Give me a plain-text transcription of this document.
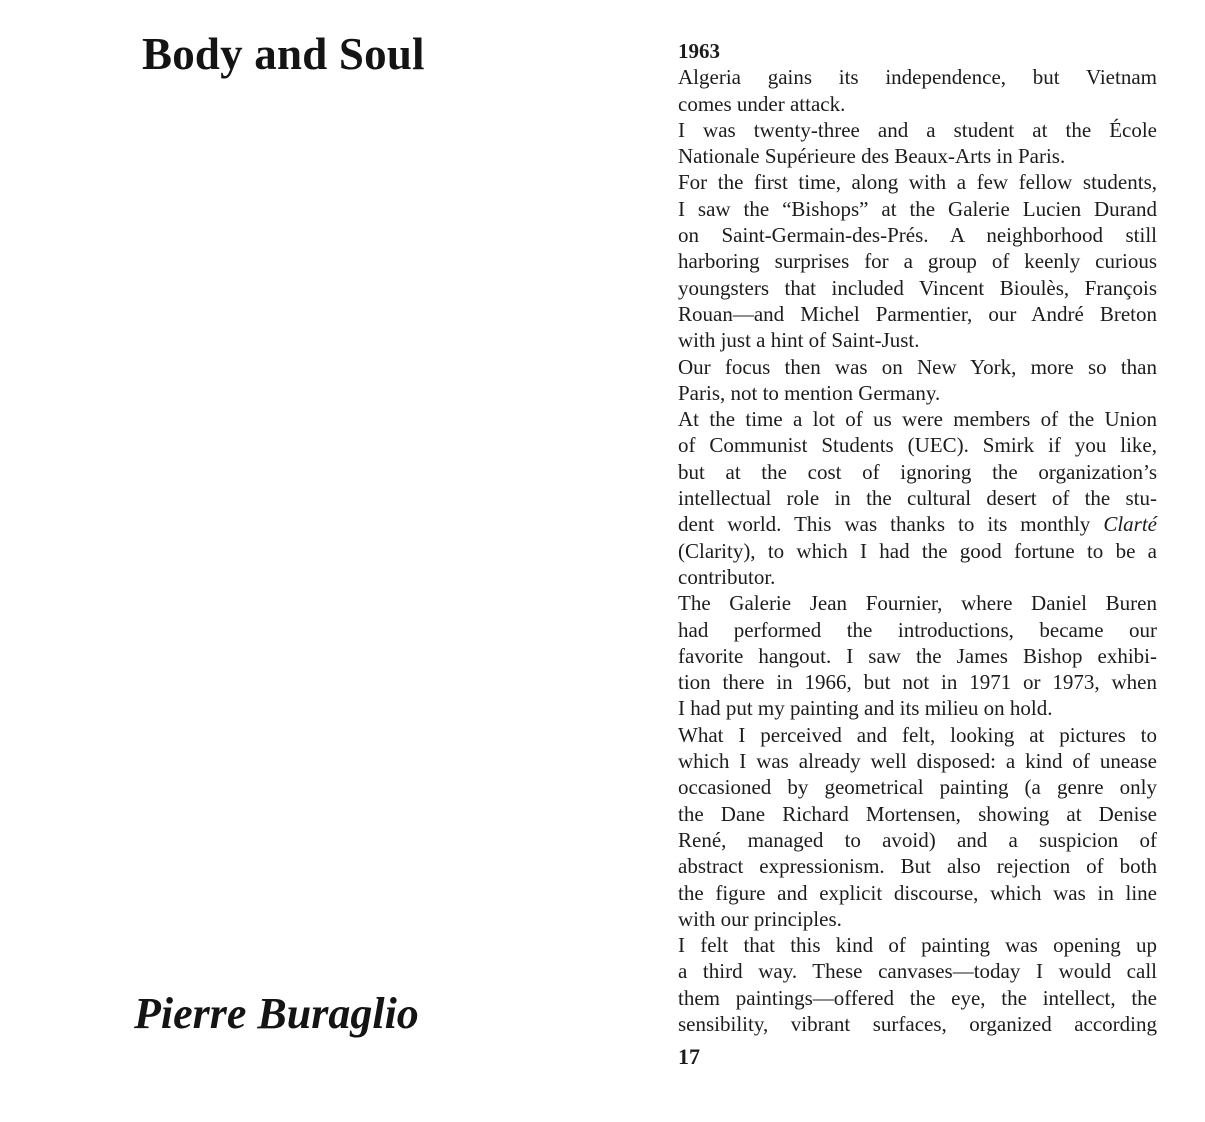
Body and Soul	1963
Algeria gains its independence, but Vietnam
comes under attack.
I was twenty-three and a student at the École
Nationale Supérieure des Beaux-Arts in Paris.
For the first time, along with a few fellow students,
I saw the “Bishops” at the Galerie Lucien Durand
on Saint-Germain-des-Prés. A neighborhood still
harboring surprises for a group of keenly curious
youngsters that included Vincent Bioulès, François
Rouan—and Michel Parmentier, our André Breton
with just a hint of Saint-Just.
Our focus then was on New York, more so than
Paris, not to mention Germany.
At the time a lot of us were members of the Union
of Communist Students (UEC). Smirk if you like,
but at the cost of ignoring the organization’s
intellectual role in the cultural desert of the stu-
dent world. This was thanks to its monthly Clarté
(Clarity), to which I had the good fortune to be a
contributor.
The Galerie Jean Fournier, where Daniel Buren
had performed the introductions, became our
favorite hangout. I saw the James Bishop exhibi-
tion there in 1966, but not in 1971 or 1973, when
I had put my painting and its milieu on hold.
What I perceived and felt, looking at pictures to
which I was already well disposed: a kind of unease
occasioned by geometrical painting (a genre only
the Dane Richard Mortensen, showing at Denise
René, managed to avoid) and a suspicion of
abstract expressionism. But also rejection of both
the figure and explicit discourse, which was in line
with our principles.
I felt that this kind of painting was opening up
a third way. These canvases—today I would call
them paintings—offered the eye, the intellect, the
sensibility, vibrant surfaces, organized according
Pierre Buraglio
17
